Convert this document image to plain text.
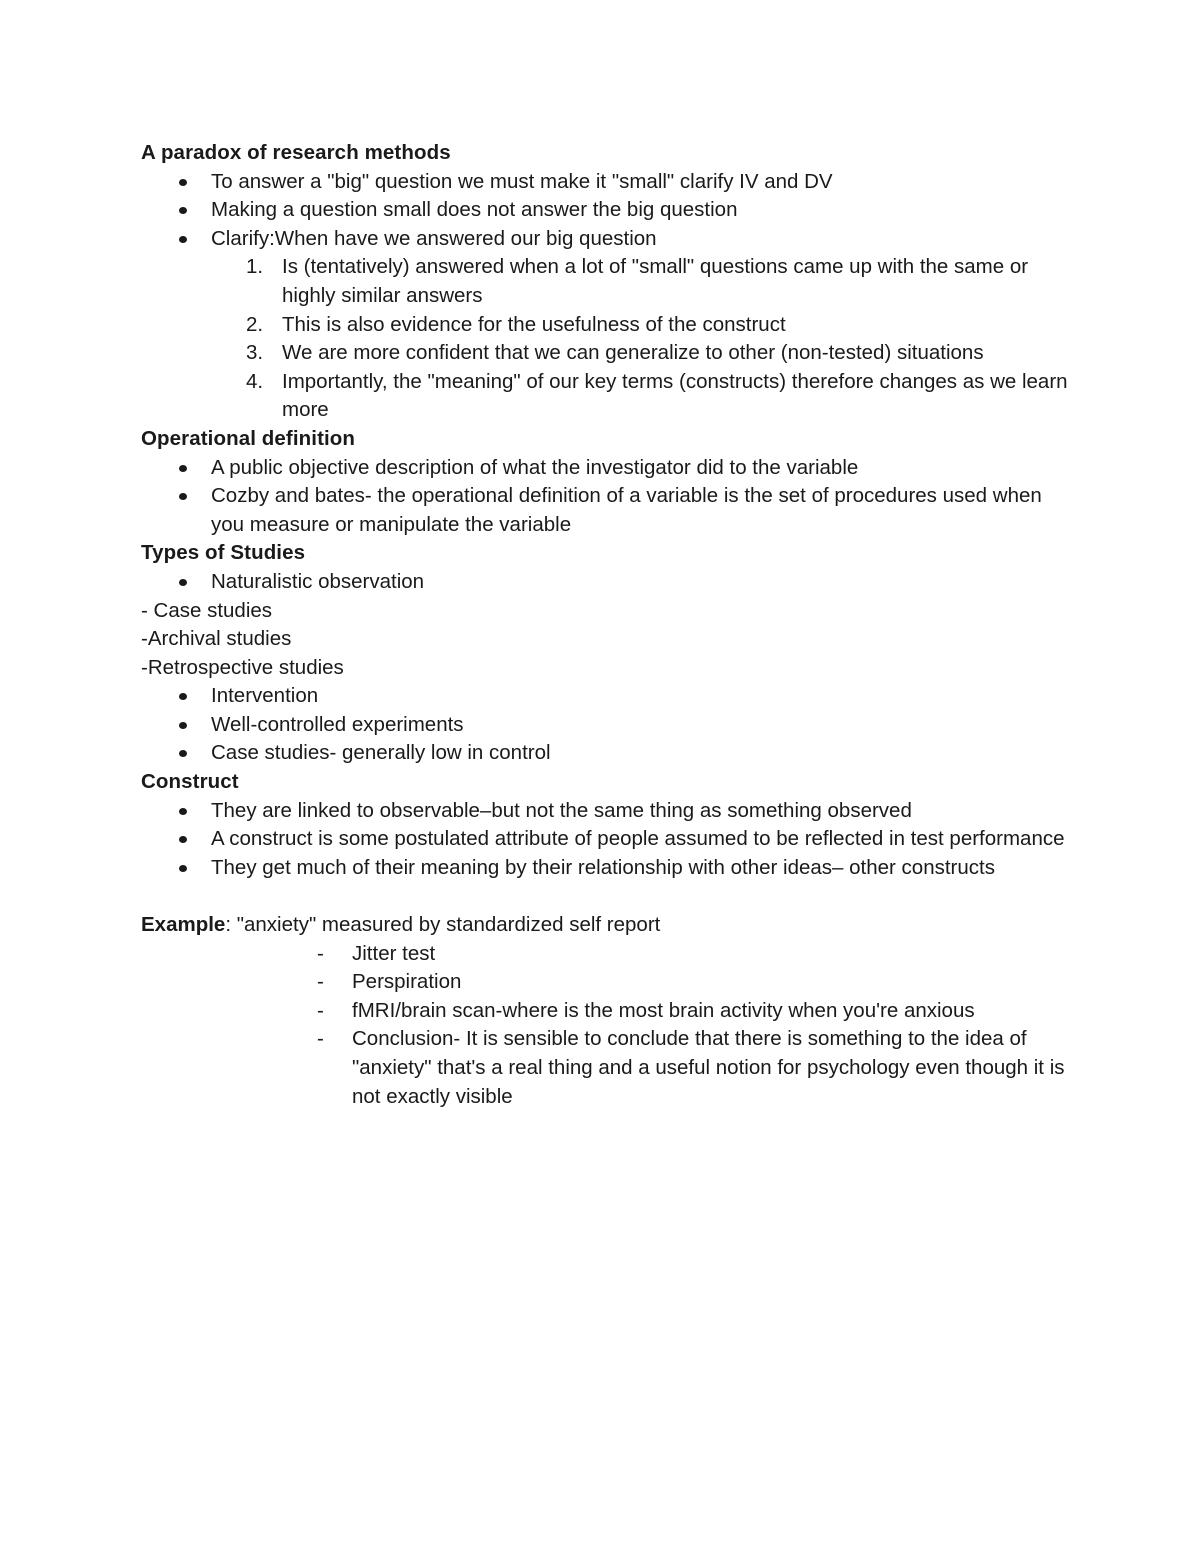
A paradox of research methods

To answer a "big" question we must make it "small" clarify IV and DV
Making a question small does not answer the big question
Clarify:When have we answered our big question
1. Is (tentatively) answered when a lot of "small" questions came up with the same or highly similar answers
2. This is also evidence for the usefulness of the construct
3. We are more confident that we can generalize to other (non-tested) situations
4. Importantly, the "meaning" of our key terms (constructs) therefore changes as we learn more

Operational definition

A public objective description of what the investigator did to the variable
Cozby and bates- the operational definition of a variable is the set of procedures used when you measure or manipulate the variable

Types of Studies

Naturalistic observation

- Case studies

-Archival studies

-Retrospective studies

Intervention
Well-controlled experiments
Case studies- generally low in control

Construct

They are linked to observable–but not the same thing as something observed
A construct is some postulated attribute of people assumed to be reflected in test performance
They get much of their meaning by their relationship with other ideas– other constructs

Example: "anxiety" measured by standardized self report

- Jitter test
- Perspiration
- fMRI/brain scan-where is the most brain activity when you're anxious
- Conclusion- It is sensible to conclude that there is something to the idea of "anxiety" that's a real thing and a useful notion for psychology even though it is not exactly visible
